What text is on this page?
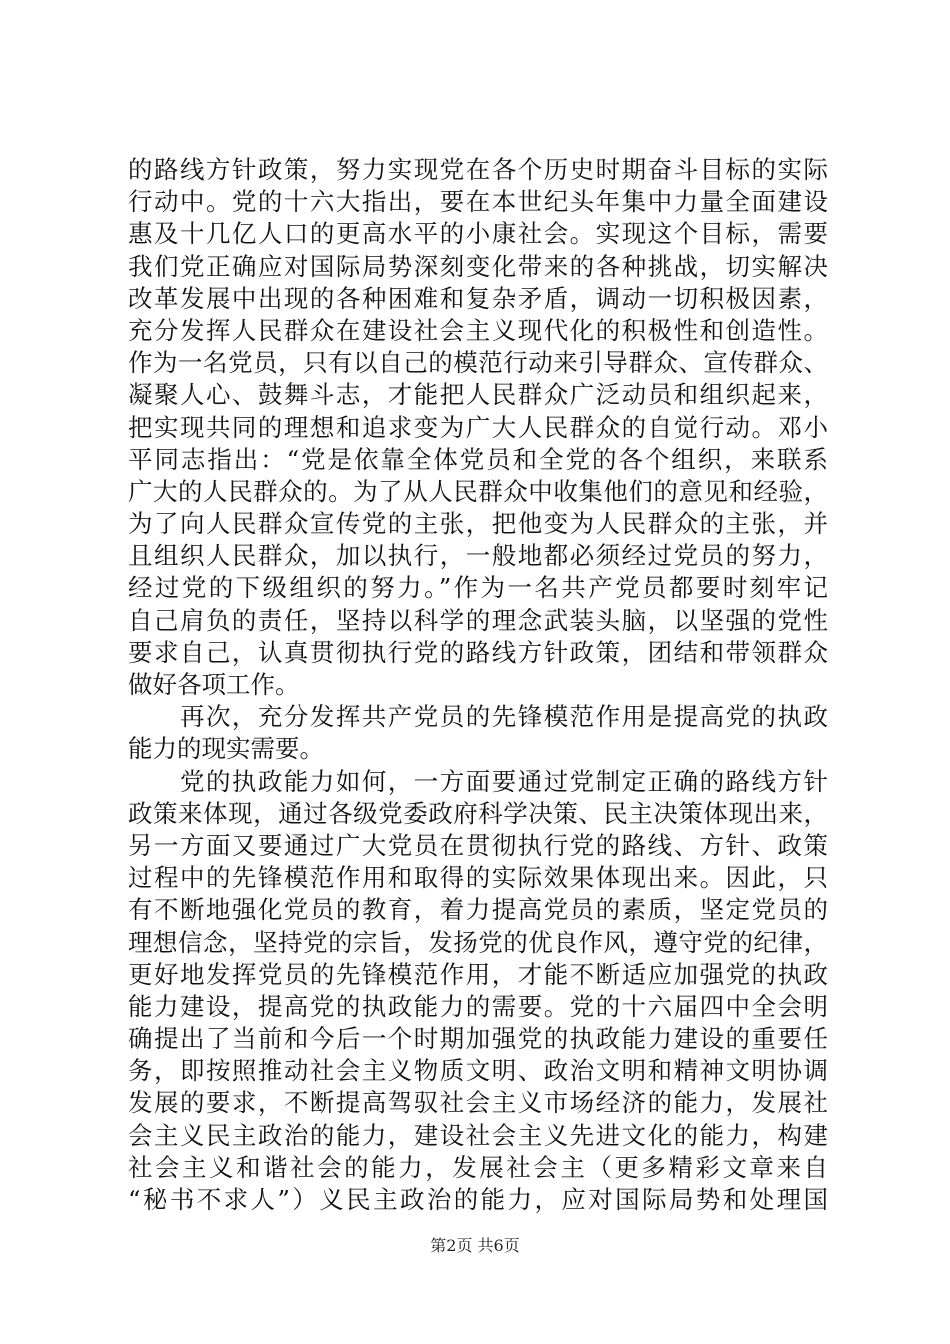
的路线方针政策，努力实现党在各个历史时期奋斗目标的实际
行动中。党的十六大指出，要在本世纪头年集中力量全面建设
惠及十几亿人口的更高水平的小康社会。实现这个目标，需要
我们党正确应对国际局势深刻变化带来的各种挑战，切实解决
改革发展中出现的各种困难和复杂矛盾，调动一切积极因素，
充分发挥人民群众在建设社会主义现代化的积极性和创造性。
作为一名党员，只有以自己的模范行动来引导群众、宣传群众、
凝聚人心、鼓舞斗志，才能把人民群众广泛动员和组织起来，
把实现共同的理想和追求变为广大人民群众的自觉行动。邓小
平同志指出：“党是依靠全体党员和全党的各个组织，来联系
广大的人民群众的。为了从人民群众中收集他们的意见和经验，
为了向人民群众宣传党的主张，把他变为人民群众的主张，并
且组织人民群众，加以执行，一般地都必须经过党员的努力，
经过党的下级组织的努力。”作为一名共产党员都要时刻牢记
自己肩负的责任，坚持以科学的理念武装头脑，以坚强的党性
要求自己，认真贯彻执行党的路线方针政策，团结和带领群众
做好各项工作。
　　再次，充分发挥共产党员的先锋模范作用是提高党的执政
能力的现实需要。
　　党的执政能力如何，一方面要通过党制定正确的路线方针
政策来体现，通过各级党委政府科学决策、民主决策体现出来，
另一方面又要通过广大党员在贯彻执行党的路线、方针、政策
过程中的先锋模范作用和取得的实际效果体现出来。因此，只
有不断地强化党员的教育，着力提高党员的素质，坚定党员的
理想信念，坚持党的宗旨，发扬党的优良作风，遵守党的纪律，
更好地发挥党员的先锋模范作用，才能不断适应加强党的执政
能力建设，提高党的执政能力的需要。党的十六届四中全会明
确提出了当前和今后一个时期加强党的执政能力建设的重要任
务，即按照推动社会主义物质文明、政治文明和精神文明协调
发展的要求，不断提高驾驭社会主义市场经济的能力，发展社
会主义民主政治的能力，建设社会主义先进文化的能力，构建
社会主义和谐社会的能力，发展社会主（更多精彩文章来自
“秘书不求人”）义民主政治的能力，应对国际局势和处理国
第2页 共6页
